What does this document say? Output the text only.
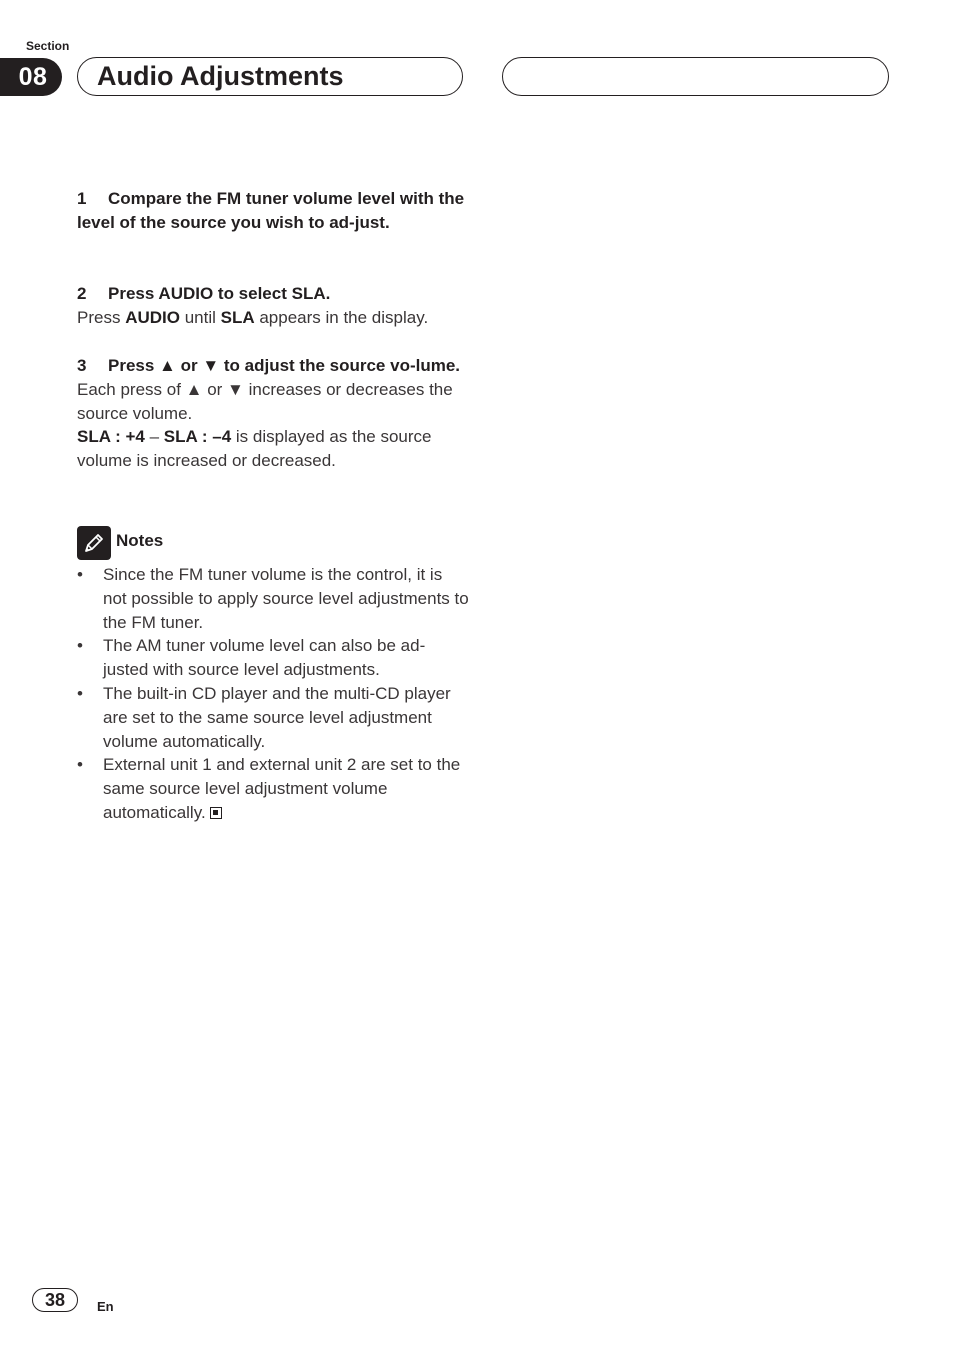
Section
08	Audio Adjustments
1 Compare the FM tuner volume level with the level of the source you wish to ad-just.
2 Press AUDIO to select SLA.
Press AUDIO until SLA appears in the display.
3 Press ▲ or ▼ to adjust the source vo-lume.
Each press of ▲ or ▼ increases or decreases the source volume.
SLA : +4 – SLA : –4 is displayed as the source volume is increased or decreased.
Notes
• Since the FM tuner volume is the control, it is not possible to apply source level adjustments to the FM tuner.
• The AM tuner volume level can also be ad-justed with source level adjustments.
• The built-in CD player and the multi-CD player are set to the same source level adjustment volume automatically.
• External unit 1 and external unit 2 are set to the same source level adjustment volume automatically.
38	En
